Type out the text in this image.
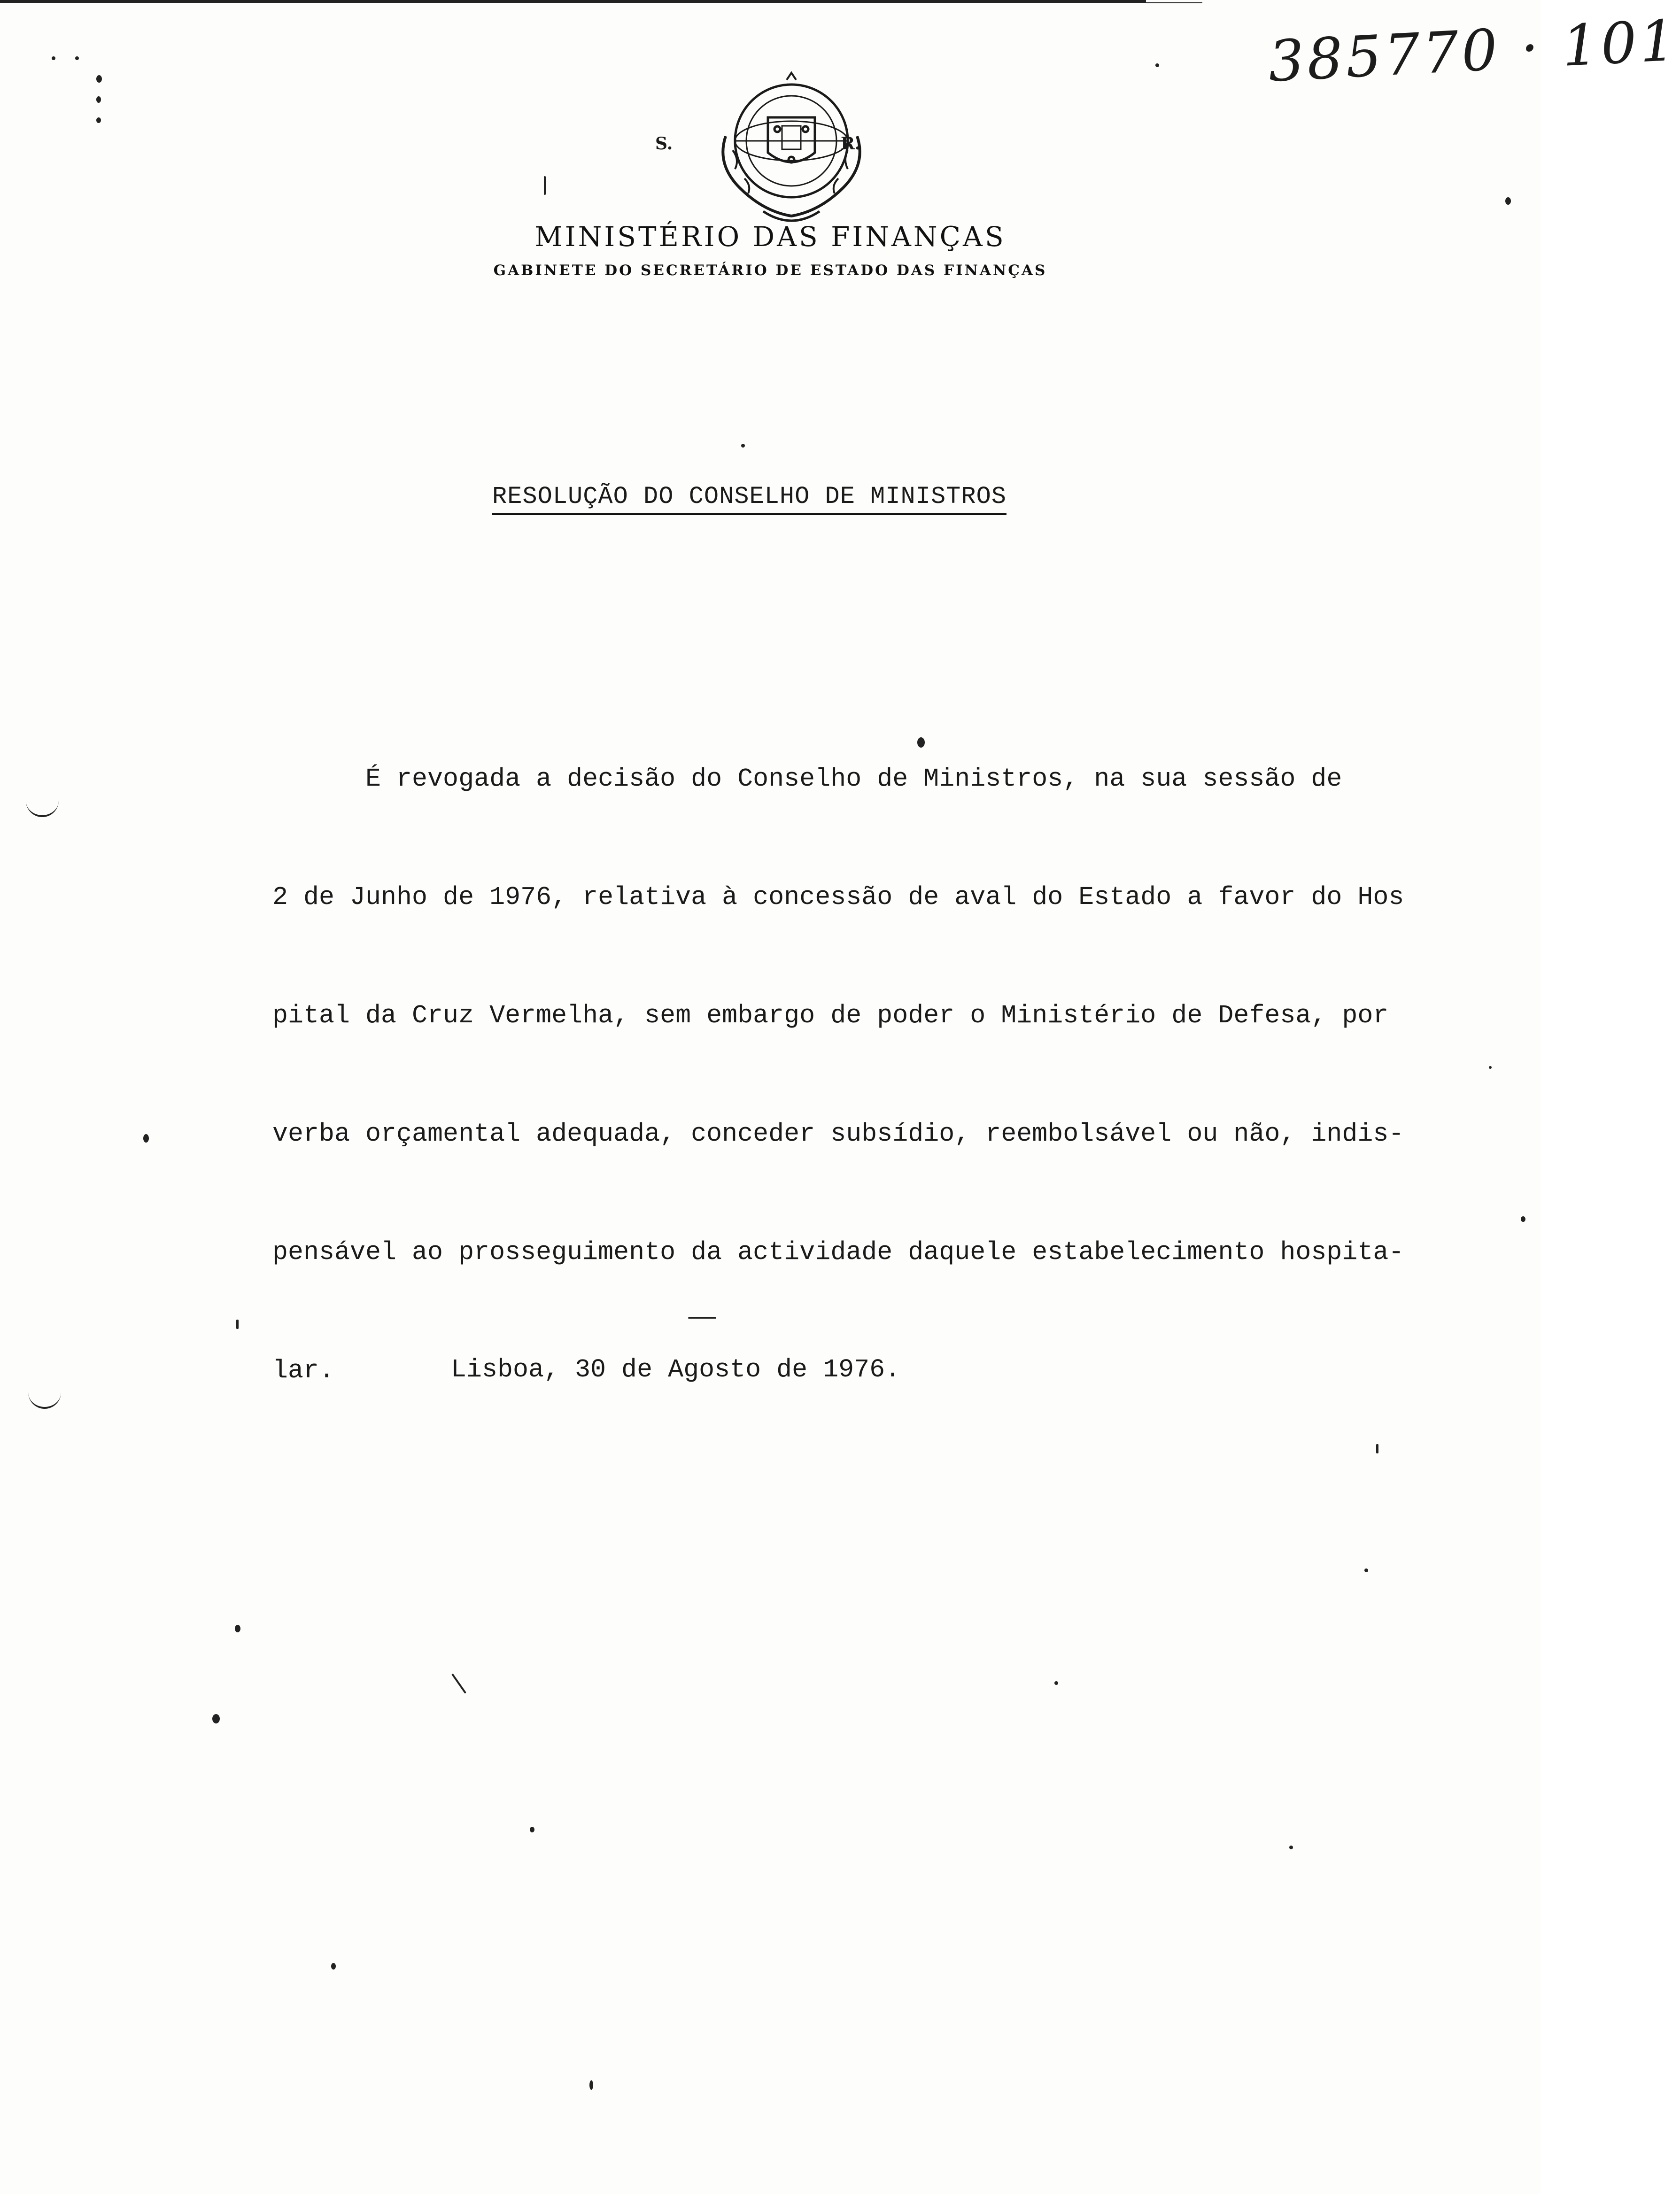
385770 · 101
S.	R.
MINISTÉRIO DAS FINANÇAS
GABINETE DO SECRETÁRIO DE ESTADO DAS FINANÇAS
RESOLUÇÃO DO CONSELHO DE MINISTROS

É revogada a decisão do Conselho de Ministros, na sua sessão de

2 de Junho de 1976, relativa à concessão de aval do Estado a favor do Hos

pital da Cruz Vermelha, sem embargo de poder o Ministério de Defesa, por

verba orçamental adequada, conceder subsídio, reembolsável ou não, indis-

pensável ao prosseguimento da actividade daquele estabelecimento hospita-

lar.	Lisboa, 30 de Agosto de 1976.
